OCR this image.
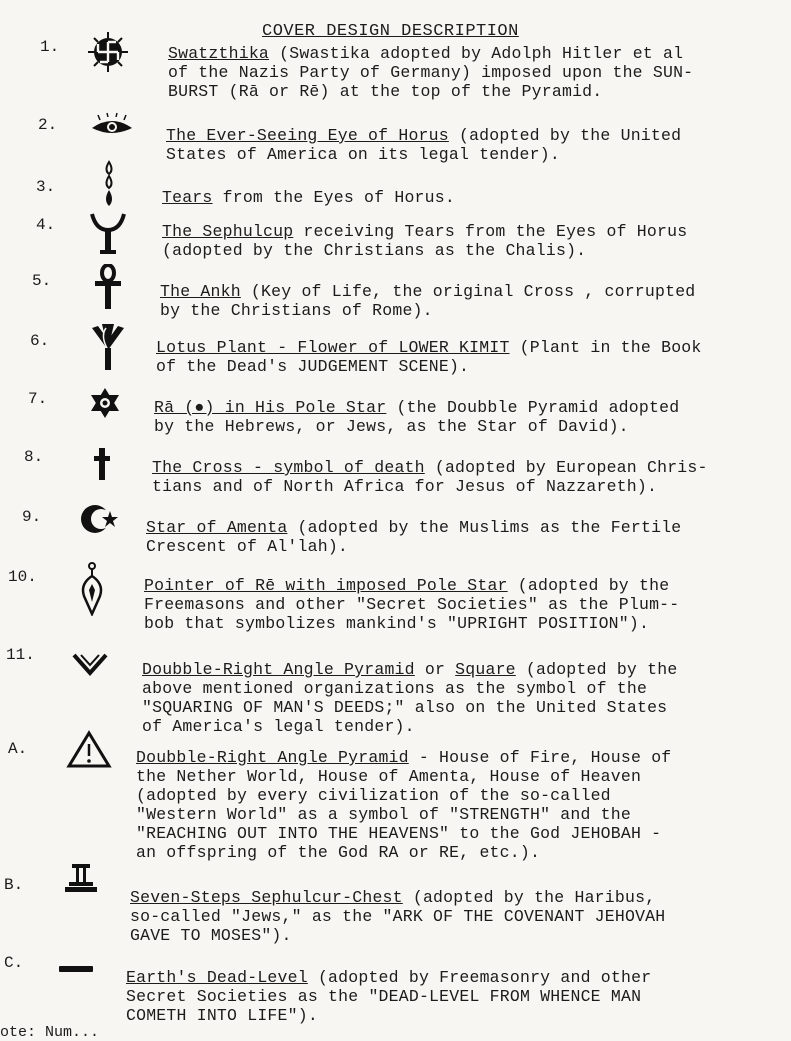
COVER DESIGN DESCRIPTION
1.	Swatzthika (Swastika adopted by Adolph Hitler et al
of the Nazis Party of Germany) imposed upon the SUN-
BURST (Rā or Rē) at the top of the Pyramid.
2.
The Ever-Seeing Eye of Horus (adopted by the United
States of America on its legal tender).
3.
Tears from the Eyes of Horus.
4.	The Sephulcup receiving Tears from the Eyes of Horus
(adopted by the Christians as the Chalis).
5.
The Ankh (Key of Life, the original Cross , corrupted
by the Christians of Rome).
6.	Lotus Plant - Flower of LOWER KIMIT (Plant in the Book
of the Dead's JUDGEMENT SCENE).
7.	Rā (●) in His Pole Star (the Doubble Pyramid adopted
by the Hebrews, or Jews, as the Star of David).
8.
The Cross - symbol of death (adopted by European Chris-
tians and of North Africa for Jesus of Nazzareth).
9.
Star of Amenta (adopted by the Muslims as the Fertile
Crescent of Al'lah).
10.	Pointer of Rē with imposed Pole Star (adopted by the
Freemasons and other "Secret Societies" as the Plum--
bob that symbolizes mankind's "UPRIGHT POSITION").
11.
Doubble-Right Angle Pyramid or Square (adopted by the
above mentioned organizations as the symbol of the
"SQUARING OF MAN'S DEEDS;" also on the United States
of America's legal tender).
A.	Doubble-Right Angle Pyramid - House of Fire, House of
the Nether World, House of Amenta, House of Heaven
(adopted by every civilization of the so-called
"Western World" as a symbol of "STRENGTH" and the
"REACHING OUT INTO THE HEAVENS" to the God JEHOBAH -
an offspring of the God RA or RE, etc.).
B.
Seven-Steps Sephulcur-Chest (adopted by the Haribus,
so-called "Jews," as the "ARK OF THE COVENANT JEHOVAH
GAVE TO MOSES").
C.
Earth's Dead-Level (adopted by Freemasonry and other
Secret Societies as the "DEAD-LEVEL FROM WHENCE MAN
COMETH INTO LIFE").
ote: Num...
